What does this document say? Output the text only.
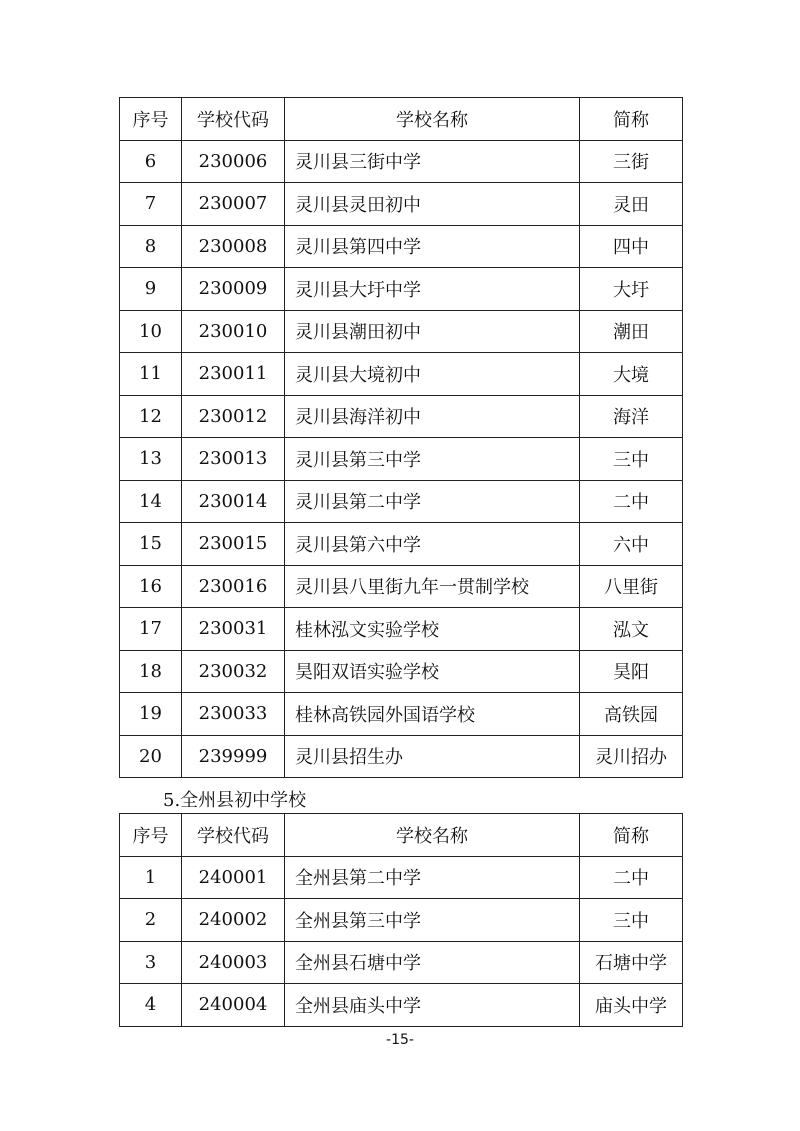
序号	学校代码	学校名称	简称
6	230006	灵川县三街中学	三街
7	230007	灵川县灵田初中	灵田
8	230008	灵川县第四中学	四中
9	230009	灵川县大圩中学	大圩
10	230010	灵川县潮田初中	潮田
11	230011	灵川县大境初中	大境
12	230012	灵川县海洋初中	海洋
13	230013	灵川县第三中学	三中
14	230014	灵川县第二中学	二中
15	230015	灵川县第六中学	六中
16	230016	灵川县八里街九年一贯制学校	八里街
17	230031	桂林泓文实验学校	泓文
18	230032	昊阳双语实验学校	昊阳
19	230033	桂林高铁园外国语学校	高铁园
20	239999	灵川县招生办	灵川招办
5.全州县初中学校
序号	学校代码	学校名称	简称
1	240001	全州县第二中学	二中
2	240002	全州县第三中学	三中
3	240003	全州县石塘中学	石塘中学
4	240004	全州县庙头中学	庙头中学
-15-
